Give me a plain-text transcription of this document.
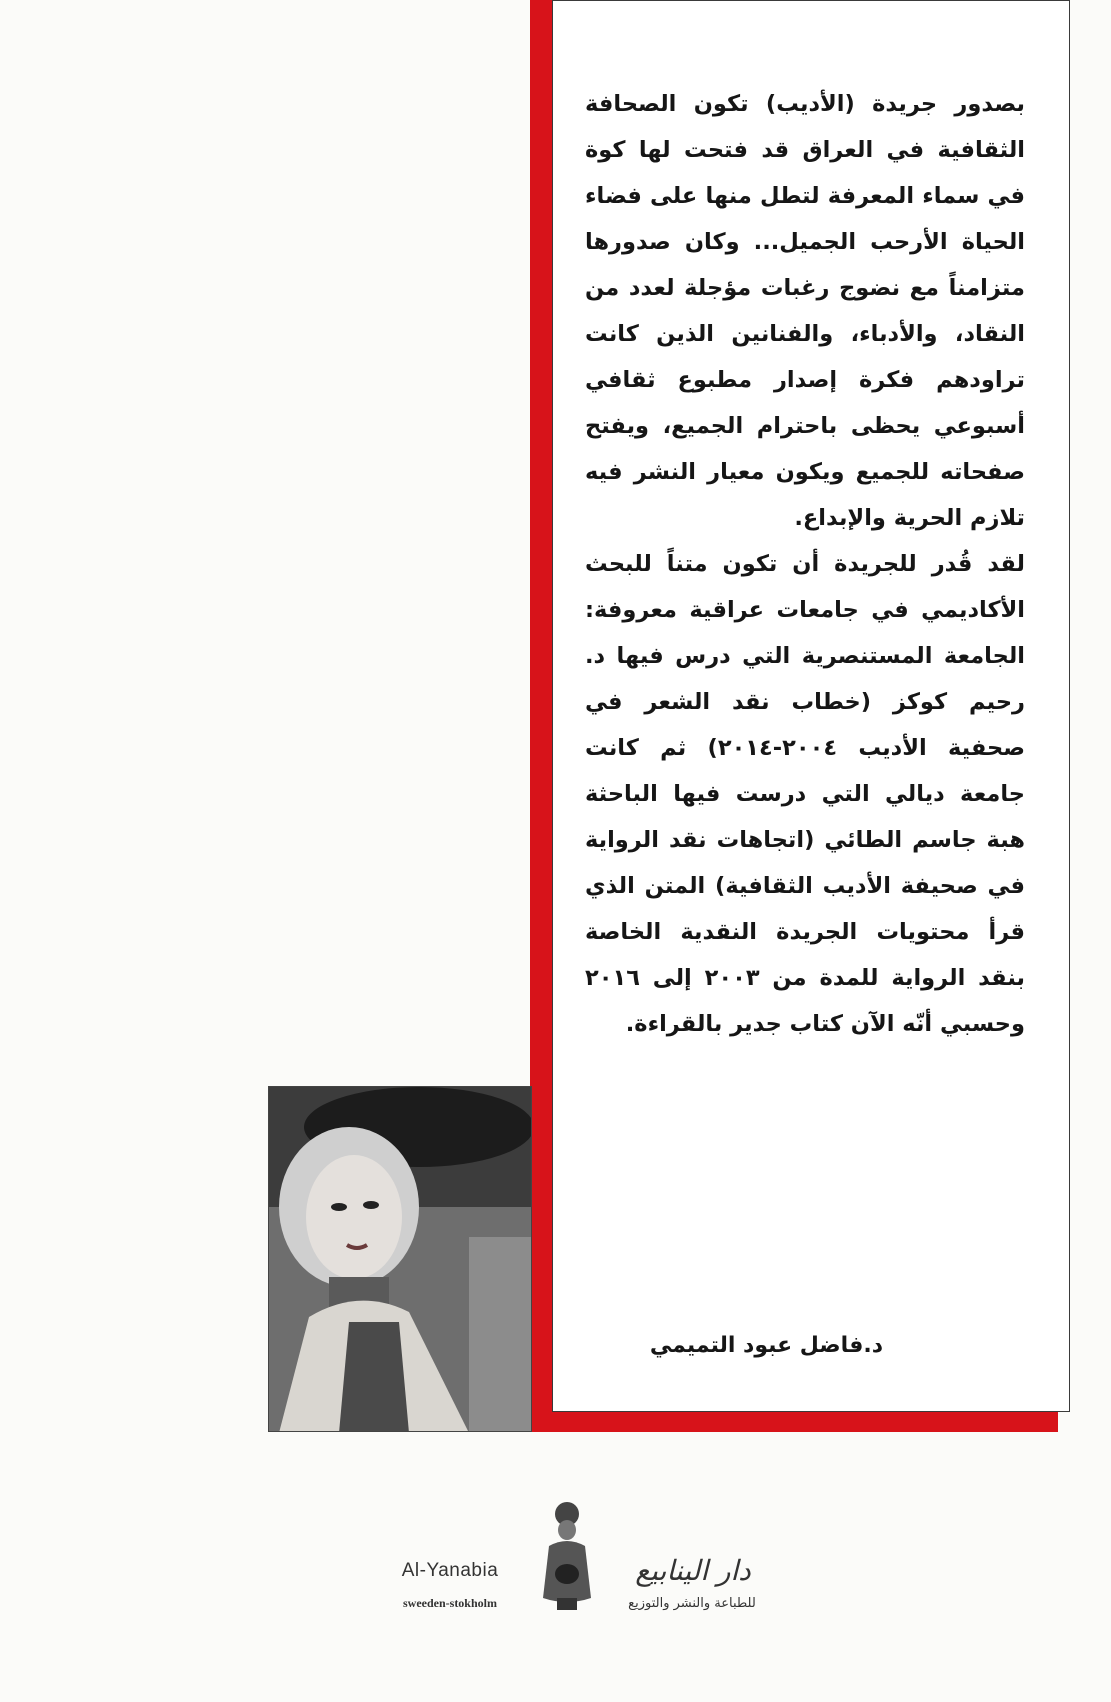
بصدور جريدة (الأديب) تكون الصحافة الثقافية في العراق قد فتحت لها كوة في سماء المعرفة لتطل منها على فضاء الحياة الأرحب الجميل... وكان صدورها متزامناً مع نضوج رغبات مؤجلة لعدد من النقاد، والأدباء، والفنانين الذين كانت تراودهم فكرة إصدار مطبوع ثقافي أسبوعي يحظى باحترام الجميع، ويفتح صفحاته للجميع ويكون معيار النشر فيه تلازم الحرية والإبداع.

لقد قُدر للجريدة أن تكون متناً للبحث الأكاديمي في جامعات عراقية معروفة: الجامعة المستنصرية التي درس فيها د. رحيم كوكز (خطاب نقد الشعر في صحفية الأديب ٢٠٠٤-٢٠١٤) ثم كانت جامعة ديالي التي درست فيها الباحثة هبة جاسم الطائي (اتجاهات نقد الرواية في صحيفة الأديب الثقافية) المتن الذي قرأ محتويات الجريدة النقدية الخاصة بنقد الرواية للمدة من ٢٠٠٣ إلى ٢٠١٦ وحسبي أنّه الآن كتاب جدير بالقراءة.

د.فاضل عبود التميمي
Al-Yanabia
sweeden-stokholm
دار الينابيع
للطباعة والنشر والتوزيع
